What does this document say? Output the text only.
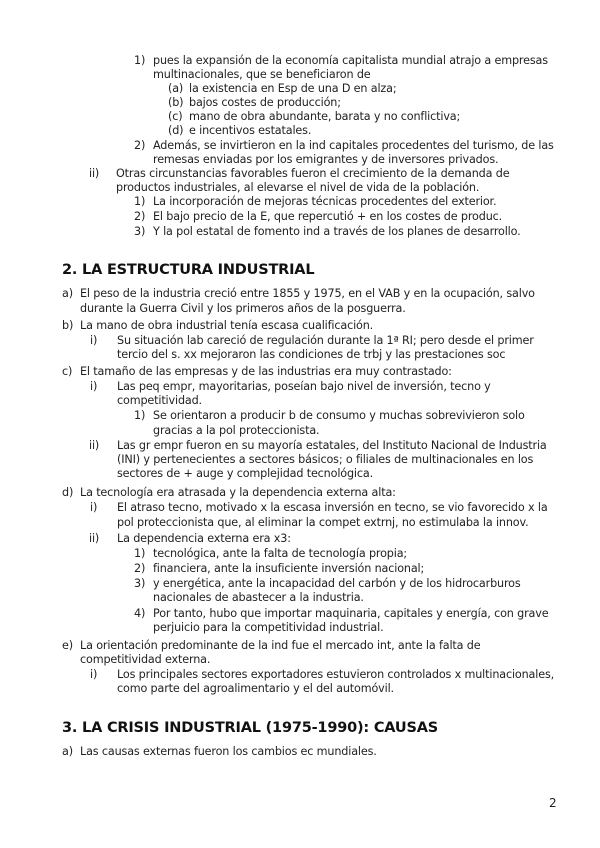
1) pues la expansión de la economía capitalista mundial atrajo a empresas
multinacionales, que se beneficiaron de
(a) la existencia en Esp de una D en alza;
(b) bajos costes de producción;
(c) mano de obra abundante, barata y no conflictiva;
(d) e incentivos estatales.
2) Además, se invirtieron en la ind capitales procedentes del turismo, de las
remesas enviadas por los emigrantes y de inversores privados.
ii) Otras circunstancias favorables fueron el crecimiento de la demanda de
productos industriales, al elevarse el nivel de vida de la población.
1) La incorporación de mejoras técnicas procedentes del exterior.
2) El bajo precio de la E, que repercutió + en los costes de produc.
3) Y la pol estatal de fomento ind a través de los planes de desarrollo.
2. LA ESTRUCTURA INDUSTRIAL
a) El peso de la industria creció entre 1855 y 1975, en el VAB y en la ocupación, salvo
durante la Guerra Civil y los primeros años de la posguerra.
b) La mano de obra industrial tenía escasa cualificación.
i) Su situación lab careció de regulación durante la 1ª RI; pero desde el primer
tercio del s. xx mejoraron las condiciones de trbj y las prestaciones soc
c) El tamaño de las empresas y de las industrias era muy contrastado:
i) Las peq empr, mayoritarias, poseían bajo nivel de inversión, tecno y
competitividad.
1) Se orientaron a producir b de consumo y muchas sobrevivieron solo
gracias a la pol proteccionista.
ii) Las gr empr fueron en su mayoría estatales, del Instituto Nacional de Industria
(INI) y pertenecientes a sectores básicos; o filiales de multinacionales en los
sectores de + auge y complejidad tecnológica.
d) La tecnología era atrasada y la dependencia externa alta:
i) El atraso tecno, motivado x la escasa inversión en tecno, se vio favorecido x la
pol proteccionista que, al eliminar la compet extrnj, no estimulaba la innov.
ii) La dependencia externa era x3:
1) tecnológica, ante la falta de tecnología propia;
2) financiera, ante la insuficiente inversión nacional;
3) y energética, ante la incapacidad del carbón y de los hidrocarburos
nacionales de abastecer a la industria.
4) Por tanto, hubo que importar maquinaria, capitales y energía, con grave
perjuicio para la competitividad industrial.
e) La orientación predominante de la ind fue el mercado int, ante la falta de
competitividad externa.
i) Los principales sectores exportadores estuvieron controlados x multinacionales,
como parte del agroalimentario y el del automóvil.
3. LA CRISIS INDUSTRIAL (1975-1990): CAUSAS
a) Las causas externas fueron los cambios ec mundiales.
2
